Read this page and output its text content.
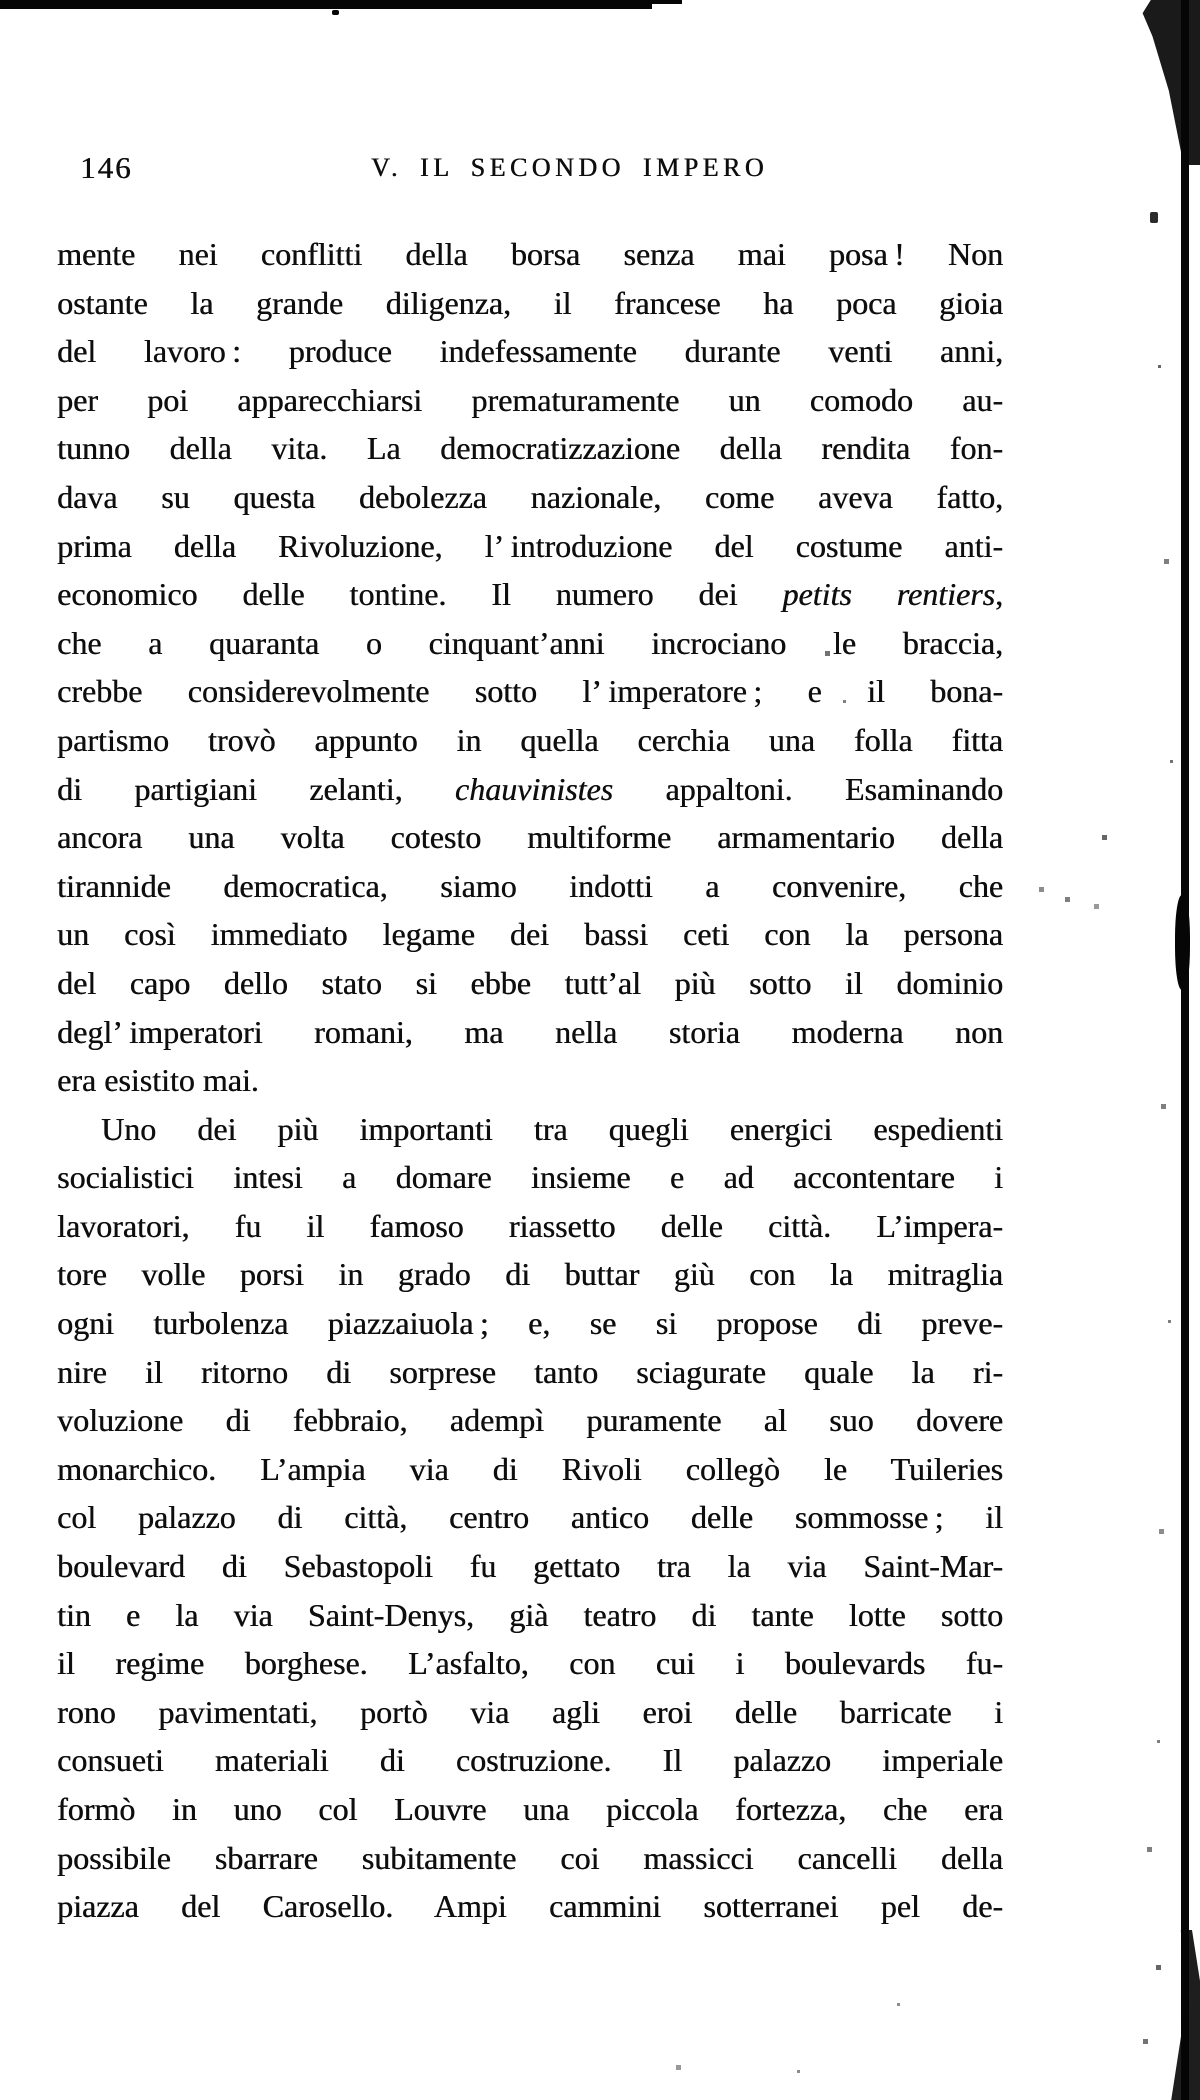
146	V. IL SECONDO IMPERO
mente nei conflitti della borsa senza mai posa ! Non
ostante la grande diligenza, il francese ha poca gioia
del lavoro : produce indefessamente durante venti anni,
per poi apparecchiarsi prematuramente un comodo au-
tunno della vita. La democratizzazione della rendita fon-
dava su questa debolezza nazionale, come aveva fatto,
prima della Rivoluzione, l’ introduzione del costume anti-
economico delle tontine. Il numero dei petits rentiers,
che a quaranta o cinquant’anni incrociano le braccia,
crebbe considerevolmente sotto l’ imperatore ; e il bona-
partismo trovò appunto in quella cerchia una folla fitta
di partigiani zelanti, chauvinistes appaltoni. Esaminando
ancora una volta cotesto multiforme armamentario della
tirannide democratica, siamo indotti a convenire, che
un così immediato legame dei bassi ceti con la persona
del capo dello stato si ebbe tutt’al più sotto il dominio
degl’ imperatori romani, ma nella storia moderna non
era esistito mai.
Uno dei più importanti tra quegli energici espedienti
socialistici intesi a domare insieme e ad accontentare i
lavoratori, fu il famoso riassetto delle città. L’impera-
tore volle porsi in grado di buttar giù con la mitraglia
ogni turbolenza piazzaiuola ; e, se si propose di preve-
nire il ritorno di sorprese tanto sciagurate quale la ri-
voluzione di febbraio, adempì puramente al suo dovere
monarchico. L’ampia via di Rivoli collegò le Tuileries
col palazzo di città, centro antico delle sommosse ; il
boulevard di Sebastopoli fu gettato tra la via Saint-Mar-
tin e la via Saint-Denys, già teatro di tante lotte sotto
il regime borghese. L’asfalto, con cui i boulevards fu-
rono pavimentati, portò via agli eroi delle barricate i
consueti materiali di costruzione. Il palazzo imperiale
formò in uno col Louvre una piccola fortezza, che era
possibile sbarrare subitamente coi massicci cancelli della
piazza del Carosello. Ampi cammini sotterranei pel de-
